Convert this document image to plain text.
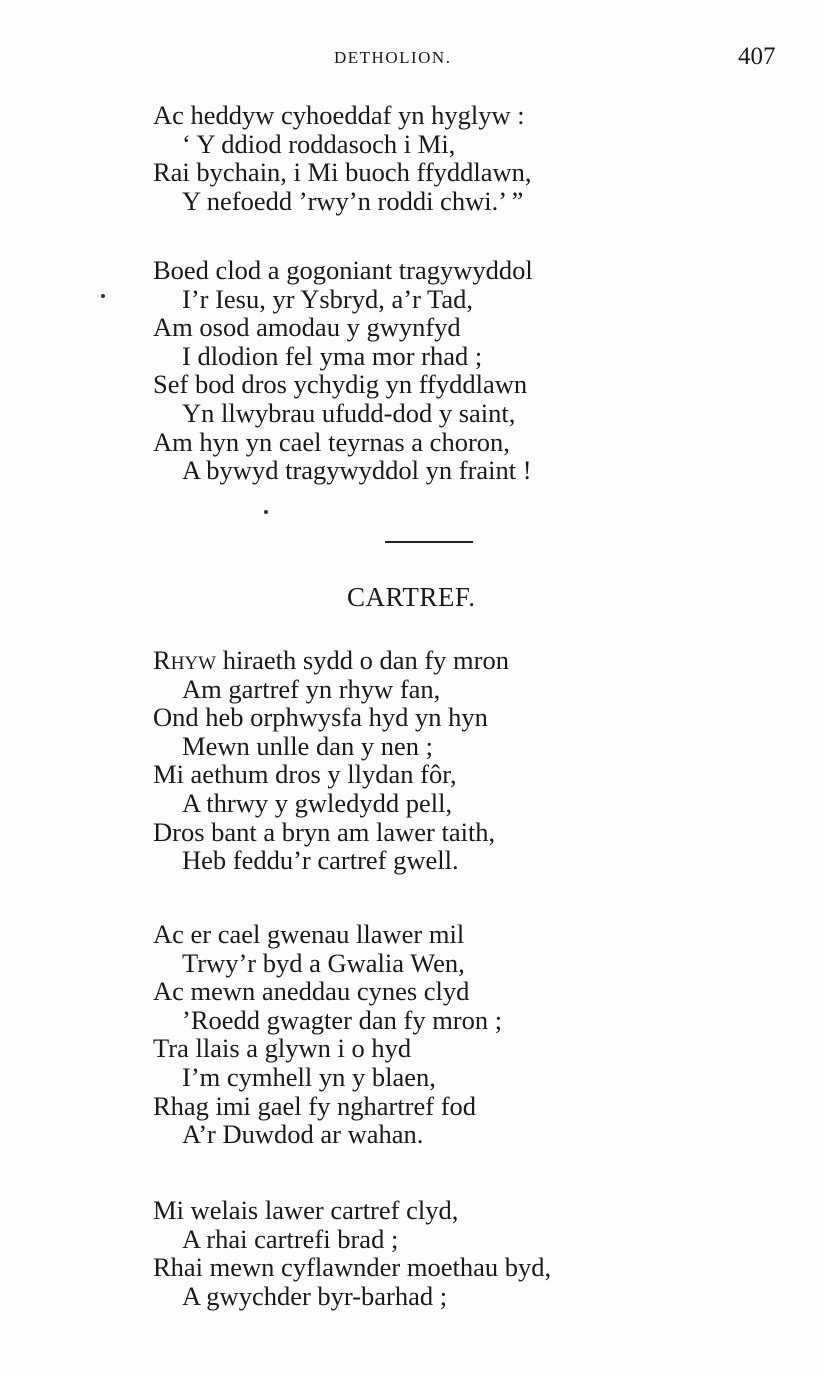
DETHOLION.	407

Ac heddyw cyhoeddaf yn hyglyw :
‘ Y ddiod roddasoch i Mi,
Rai bychain, i Mi buoch ffyddlawn,
Y nefoedd ’rwy’n roddi chwi.’ ”

Boed clod a gogoniant tragywyddol
I’r Iesu, yr Ysbryd, a’r Tad,
Am osod amodau y gwynfyd
I dlodion fel yma mor rhad ;
Sef bod dros ychydig yn ffyddlawn
Yn llwybrau ufudd-dod y saint,
Am hyn yn cael teyrnas a choron,
A bywyd tragywyddol yn fraint !

CARTREF.

Rhyw hiraeth sydd o dan fy mron
Am gartref yn rhyw fan,
Ond heb orphwysfa hyd yn hyn
Mewn unlle dan y nen ;
Mi aethum dros y llydan fôr,
A thrwy y gwledydd pell,
Dros bant a bryn am lawer taith,
Heb feddu’r cartref gwell.

Ac er cael gwenau llawer mil
Trwy’r byd a Gwalia Wen,
Ac mewn aneddau cynes clyd
’Roedd gwagter dan fy mron ;
Tra llais a glywn i o hyd
I’m cymhell yn y blaen,
Rhag imi gael fy nghartref fod
A’r Duwdod ar wahan.

Mi welais lawer cartref clyd,
A rhai cartrefi brad ;
Rhai mewn cyflawnder moethau byd,
A gwychder byr-barhad ;
